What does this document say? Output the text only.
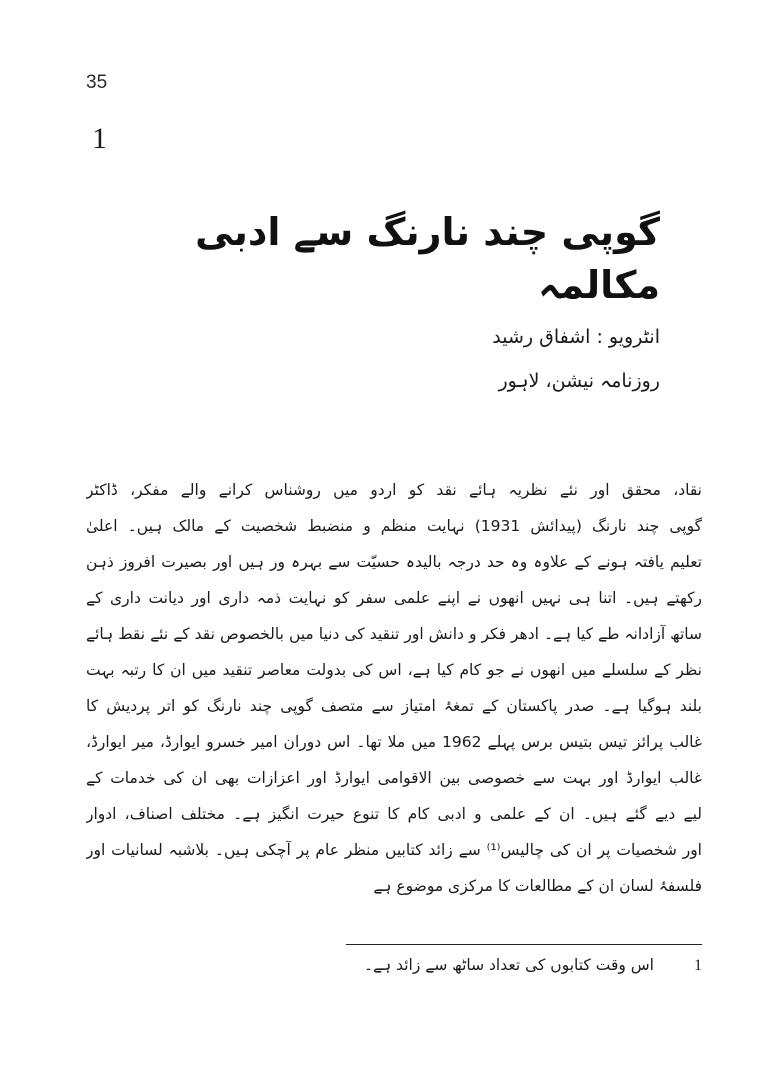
35
1
گوپی چند نارنگ سے ادبی مکالمہ
انٹرویو : اشفاق رشید
روزنامہ نیشن، لاہور
نقاد، محقق اور نئے نظریہ ہائے نقد کو اردو میں روشناس کرانے والے مفکر، ڈاکٹر
گوپی چند نارنگ (پیدائش 1931) نہایت منظم و منضبط شخصیت کے مالک ہیں۔ اعلیٰ
تعلیم یافتہ ہونے کے علاوہ وہ حد درجہ بالیدہ حسیّت سے بہرہ ور ہیں اور بصیرت افروز ذہن
رکھتے ہیں۔ اتنا ہی نہیں انھوں نے اپنے علمی سفر کو نہایت ذمہ داری اور دیانت داری کے
ساتھ آزادانہ طے کیا ہے۔ ادھر فکر و دانش اور تنقید کی دنیا میں بالخصوص نقد کے نئے نقط ہائے
نظر کے سلسلے میں انھوں نے جو کام کیا ہے، اس کی بدولت معاصر تنقید میں ان کا رتبہ بہت
بلند ہوگیا ہے۔ صدر پاکستان کے تمغۂ امتیاز سے متصف گوپی چند نارنگ کو اتر پردیش کا
غالب پرائز تیس بتیس برس پہلے 1962 میں ملا تھا۔ اس دوران امیر خسرو ایوارڈ، میر ایوارڈ،
غالب ایوارڈ اور بہت سے خصوصی بین الاقوامی ایوارڈ اور اعزازات بھی ان کی خدمات کے
لیے دیے گئے ہیں۔ ان کے علمی و ادبی کام کا تنوع حیرت انگیز ہے۔ مختلف اصناف، ادوار
اور شخصیات پر ان کی چالیس⁽¹⁾ سے زائد کتابیں منظر عام پر آچکی ہیں۔ بلاشبہ لسانیات اور
فلسفۂ لسان ان کے مطالعات کا مرکزی موضوع ہے
1
اس وقت کتابوں کی تعداد ساٹھ سے زائد ہے۔
